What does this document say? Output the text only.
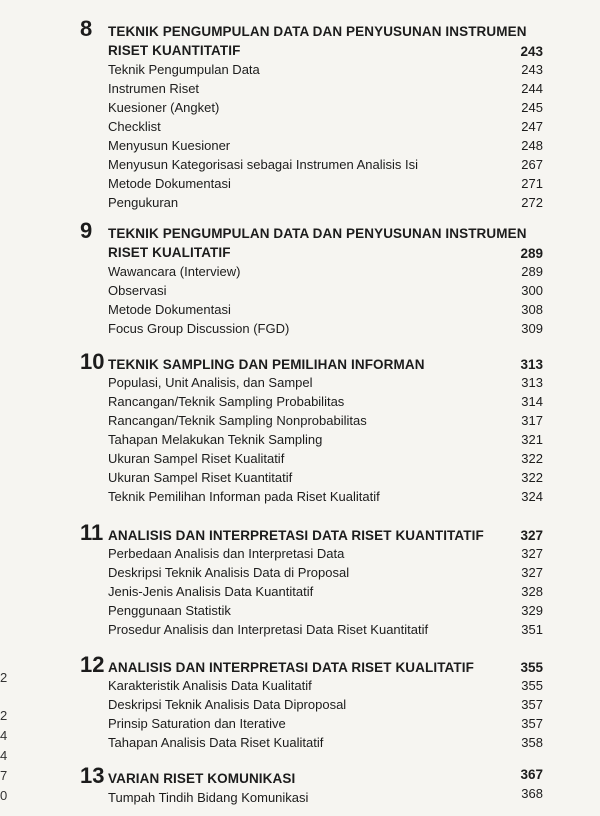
8 TEKNIK PENGUMPULAN DATA DAN PENYUSUNAN INSTRUMEN
RISET KUANTITATIF	243
Teknik Pengumpulan Data	243
Instrumen Riset	244
Kuesioner (Angket)	245
Checklist	247
Menyusun Kuesioner	248
Menyusun Kategorisasi sebagai Instrumen Analisis Isi	267
Metode Dokumentasi	271
Pengukuran	272
9 TEKNIK PENGUMPULAN DATA DAN PENYUSUNAN INSTRUMEN
RISET KUALITATIF	289
Wawancara (Interview)	289
Observasi	300
Metode Dokumentasi	308
Focus Group Discussion (FGD)	309
10 TEKNIK SAMPLING DAN PEMILIHAN INFORMAN	313
Populasi, Unit Analisis, dan Sampel	313
Rancangan/Teknik Sampling Probabilitas	314
Rancangan/Teknik Sampling Nonprobabilitas	317
Tahapan Melakukan Teknik Sampling	321
Ukuran Sampel Riset Kualitatif	322
Ukuran Sampel Riset Kuantitatif	322
Teknik Pemilihan Informan pada Riset Kualitatif	324
11 ANALISIS DAN INTERPRETASI DATA RISET KUANTITATIF	327
Perbedaan Analisis dan Interpretasi Data	327
Deskripsi Teknik Analisis Data di Proposal	327
Jenis-Jenis Analisis Data Kuantitatif	328
Penggunaan Statistik	329
Prosedur Analisis dan Interpretasi Data Riset Kuantitatif	351
12 ANALISIS DAN INTERPRETASI DATA RISET KUALITATIF	355
Karakteristik Analisis Data Kualitatif	355
Deskripsi Teknik Analisis Data Diproposal	357
Prinsip Saturation dan Iterative	357
Tahapan Analisis Data Riset Kualitatif	358
13 VARIAN RISET KOMUNIKASI	367
Tumpah Tindih Bidang Komunikasi	368
2
2
4
4
7
0
